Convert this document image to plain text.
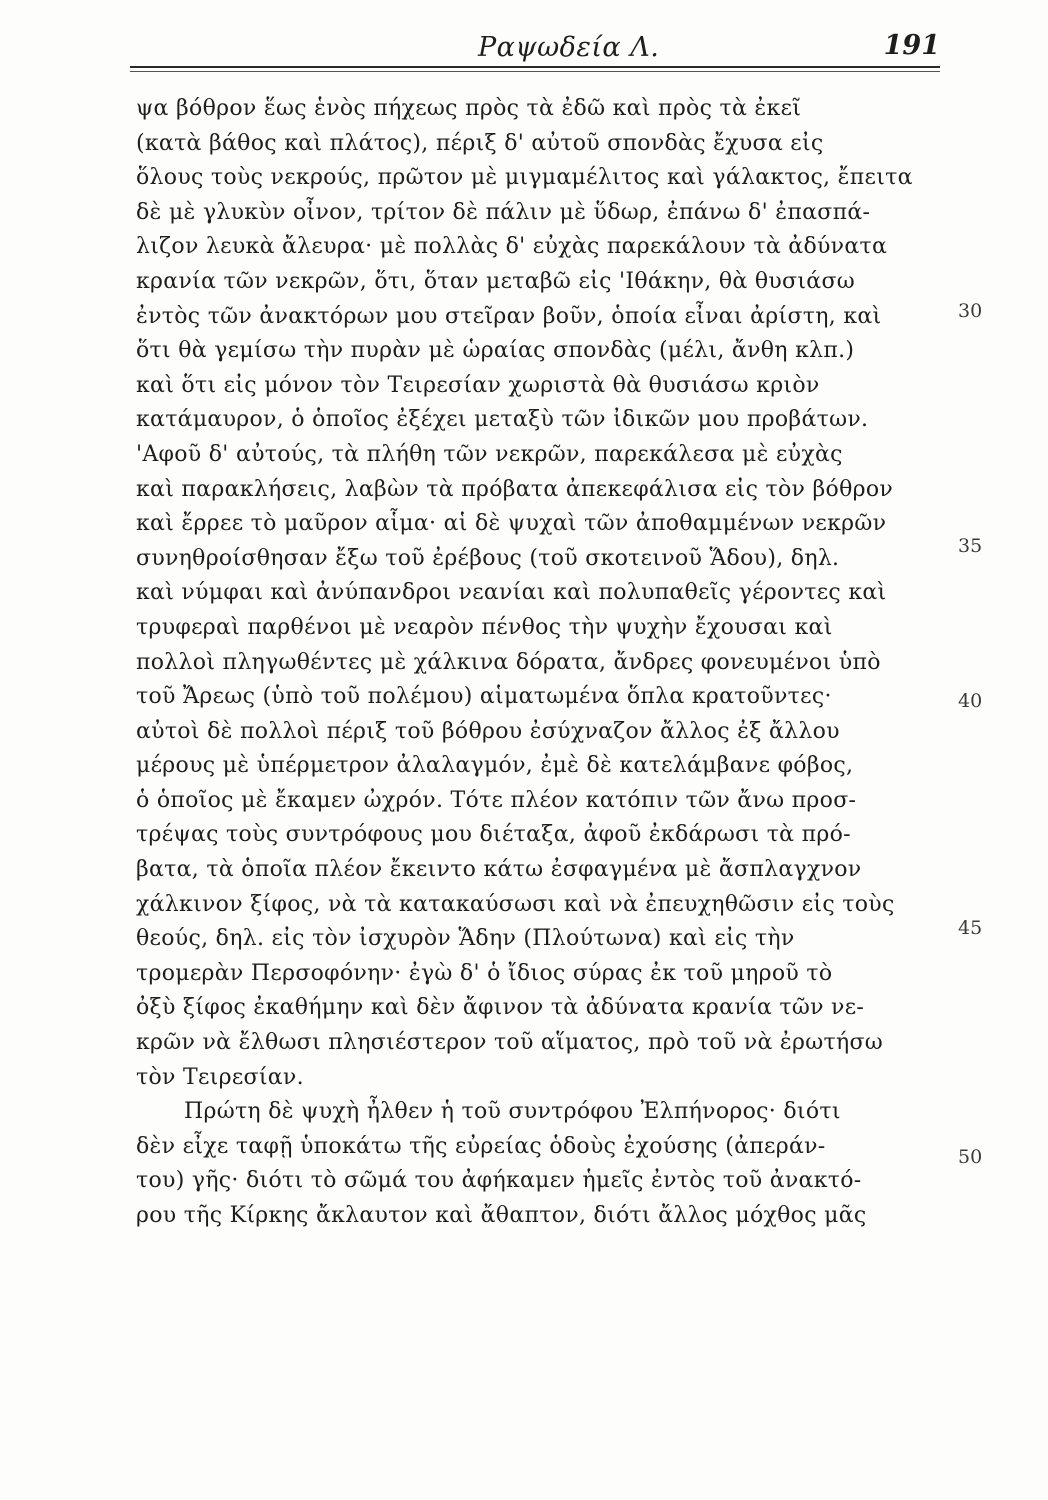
Ραψωδεία Λ.	191
ψα βόθρον ἕως ἑνὸς πήχεως πρὸς τὰ ἐδῶ καὶ πρὸς τὰ ἐκεῖ
(κατὰ βάθος καὶ πλάτος), πέριξ δ' αὐτοῦ σπονδὰς ἔχυσα εἰς
ὅλους τοὺς νεκρούς, πρῶτον μὲ μιγμαμέλιτος καὶ γάλακτος, ἔπειτα
δὲ μὲ γλυκὺν οἶνον, τρίτον δὲ πάλιν μὲ ὕδωρ, ἐπάνω δ' ἐπασπά-
λιζον λευκὰ ἄλευρα· μὲ πολλὰς δ' εὐχὰς παρεκάλουν τὰ ἀδύνατα
κρανία τῶν νεκρῶν, ὅτι, ὅταν μεταβῶ εἰς 'Ιθάκην, θὰ θυσιάσω
ἐντὸς τῶν ἀνακτόρων μου στεῖραν βοῦν, ὁποία εἶναι ἀρίστη, καὶ
ὅτι θὰ γεμίσω τὴν πυρὰν μὲ ὡραίας σπονδὰς (μέλι, ἄνθη κλπ.)
καὶ ὅτι εἰς μόνον τὸν Τειρεσίαν χωριστὰ θὰ θυσιάσω κριὸν
κατάμαυρον, ὁ ὁποῖος ἐξέχει μεταξὺ τῶν ἰδικῶν μου προβάτων.
'Αφοῦ δ' αὐτούς, τὰ πλήθη τῶν νεκρῶν, παρεκάλεσα μὲ εὐχὰς
καὶ παρακλήσεις, λαβὼν τὰ πρόβατα ἀπεκεφάλισα εἰς τὸν βόθρον
καὶ ἔρρεε τὸ μαῦρον αἷμα· αἱ δὲ ψυχαὶ τῶν ἀποθαμμένων νεκρῶν
συνηθροίσθησαν ἔξω τοῦ ἐρέβους (τοῦ σκοτεινοῦ Ἅδου), δηλ.
καὶ νύμφαι καὶ ἀνύπανδροι νεανίαι καὶ πολυπαθεῖς γέροντες καὶ
τρυφεραὶ παρθένοι μὲ νεαρὸν πένθος τὴν ψυχὴν ἔχουσαι καὶ
πολλοὶ πληγωθέντες μὲ χάλκινα δόρατα, ἄνδρες φονευμένοι ὑπὸ
τοῦ Ἄρεως (ὑπὸ τοῦ πολέμου) αἱματωμένα ὅπλα κρατοῦντες·
αὐτοὶ δὲ πολλοὶ πέριξ τοῦ βόθρου ἐσύχναζον ἄλλος ἐξ ἄλλου
μέρους μὲ ὑπέρμετρον ἀλαλαγμόν, ἐμὲ δὲ κατελάμβανε φόβος,
ὁ ὁποῖος μὲ ἔκαμεν ὠχρόν. Τότε πλέον κατόπιν τῶν ἄνω προσ-
τρέψας τοὺς συντρόφους μου διέταξα, ἀφοῦ ἐκδάρωσι τὰ πρό-
βατα, τὰ ὁποῖα πλέον ἔκειντο κάτω ἐσφαγμένα μὲ ἄσπλαγχνον
χάλκινον ξίφος, νὰ τὰ κατακαύσωσι καὶ νὰ ἐπευχηθῶσιν εἰς τοὺς
θεούς, δηλ. εἰς τὸν ἰσχυρὸν Ἅδην (Πλούτωνα) καὶ εἰς τὴν
τρομερὰν Περσοφόνην· ἐγὼ δ' ὁ ἴδιος σύρας ἐκ τοῦ μηροῦ τὸ
ὀξὺ ξίφος ἐκαθήμην καὶ δὲν ἄφινον τὰ ἀδύνατα κρανία τῶν νε-
κρῶν νὰ ἔλθωσι πλησιέστερον τοῦ αἵματος, πρὸ τοῦ νὰ ἐρωτήσω
τὸν Τειρεσίαν.
Πρώτη δὲ ψυχὴ ἦλθεν ἡ τοῦ συντρόφου Ἐλπήνορος· διότι
δὲν εἶχε ταφῇ ὑποκάτω τῆς εὐρείας ὁδοὺς ἐχούσης (ἀπεράν-
του) γῆς· διότι τὸ σῶμά του ἀφήκαμεν ἡμεῖς ἐντὸς τοῦ ἀνακτό-
ρου τῆς Κίρκης ἄκλαυτον καὶ ἄθαπτον, διότι ἄλλος μόχθος μᾶς
30
35
40
45
50
